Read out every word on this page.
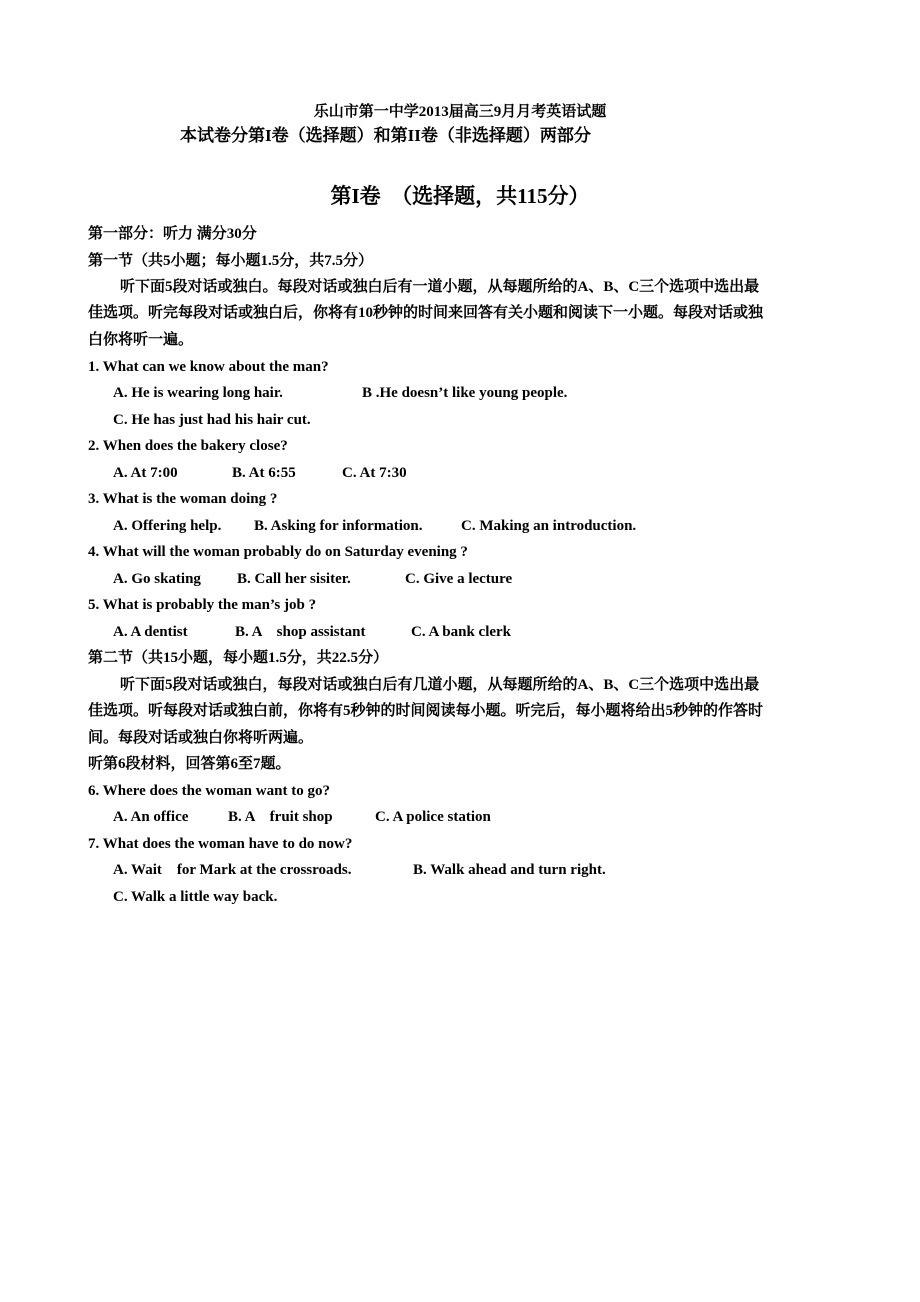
乐山市第一中学2013届高三9月月考英语试题
本试卷分第I卷（选择题）和第II卷（非选择题）两部分
第I卷　（选择题，共115分）
第一部分：听力 满分30分
第一节（共5小题；每小题1.5分，共7.5分）
听下面5段对话或独白。每段对话或独白后有一道小题，从每题所给的A、B、C三个选项中选出最
佳选项。听完每段对话或独白后，你将有10秒钟的时间来回答有关小题和阅读下一小题。每段对话或独
白你将听一遍。
1. What can we know about the man?
A. He is wearing long hair.	B .He doesn’t like young people.
C. He has just had his hair cut.
2. When does the bakery close?
A. At 7:00	B. At 6:55	C. At 7:30
3. What is the woman doing ?
A. Offering help. B. Asking for information.	C. Making an introduction.
4. What will the woman probably do on Saturday evening ?
A. Go skating B. Call her sisiter.	C. Give a lecture
5. What is probably the man’s job ?
A. A dentist	B. A　shop assistant	C. A bank clerk
第二节（共15小题，每小题1.5分，共22.5分）
听下面5段对话或独白，每段对话或独白后有几道小题，从每题所给的A、B、C三个选项中选出最
佳选项。听每段对话或独白前，你将有5秒钟的时间阅读每小题。听完后，每小题将给出5秒钟的作答时
间。每段对话或独白你将听两遍。
听第6段材料，回答第6至7题。
6. Where does the woman want to go?
A. An office	B. A　fruit shop	C. A police station
7. What does the woman have to do now?
A. Wait　for Mark at the crossroads.	B. Walk ahead and turn right.
C. Walk a little way back.
